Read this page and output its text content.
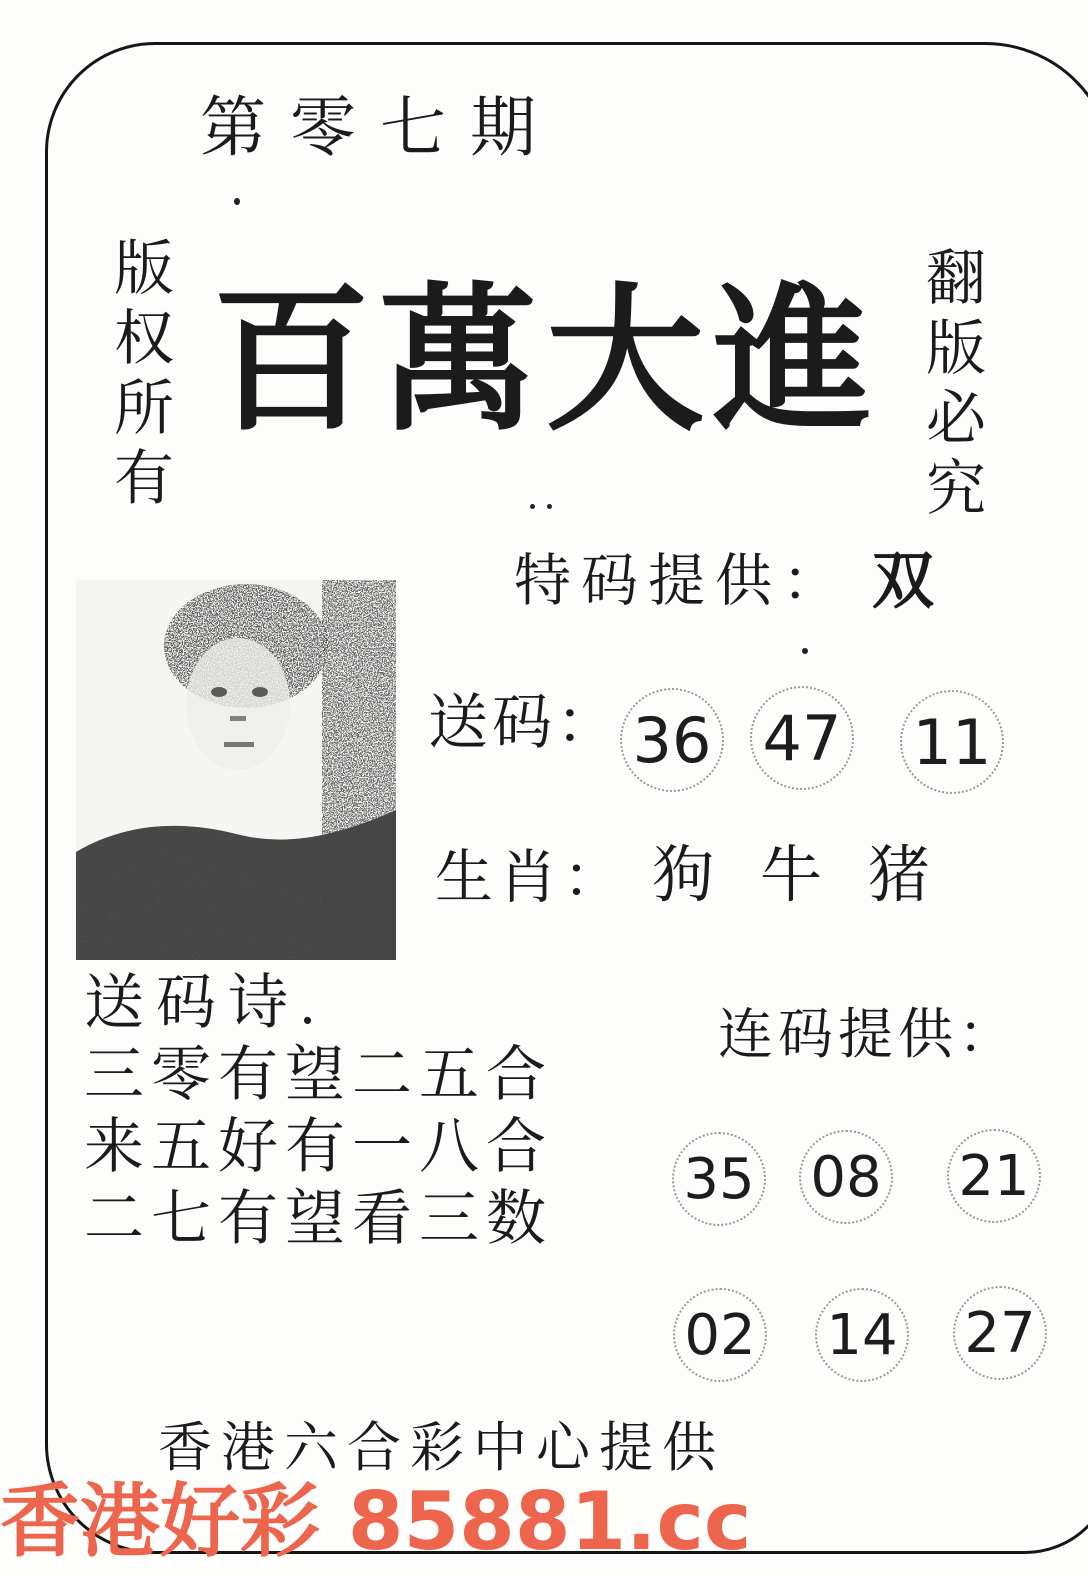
第零七期
版权所有 百萬大進 翻版必究
特码提供： 双
送码： 36 47 11
生肖： 狗 牛 猪
送码诗.
三零有望二五合
来五好有一八合
二七有望看三数
连码提供：
35 08 21
02 14 27
香港六合彩中心提供
香港好彩 85881.cc
